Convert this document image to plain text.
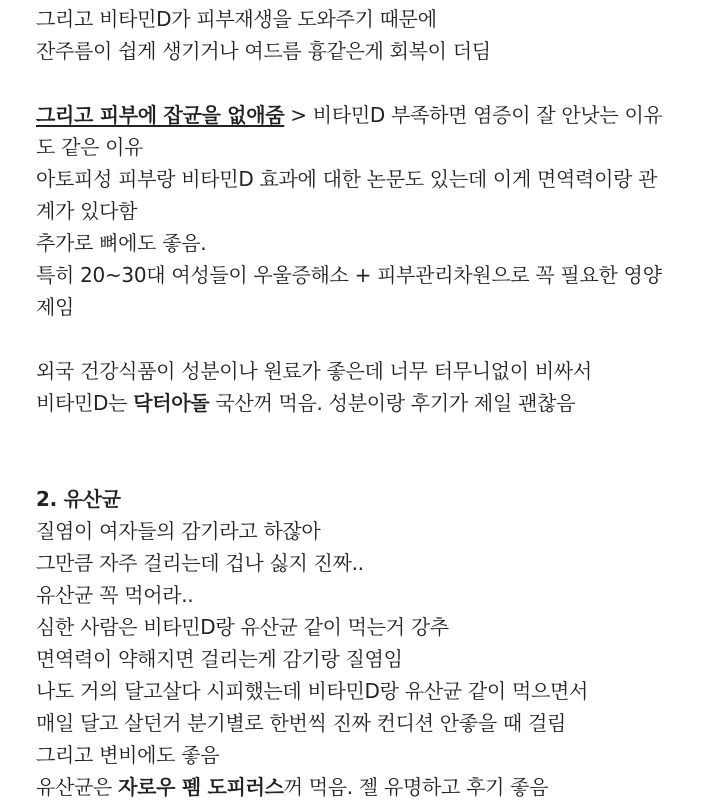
그리고 비타민D가 피부재생을 도와주기 때문에
잔주름이 쉽게 생기거나 여드름 흉같은게 회복이 더딤
그리고 피부에 잡균을 없애줌 > 비타민D 부족하면 염증이 잘 안낫는 이유
도 같은 이유
아토피성 피부랑 비타민D 효과에 대한 논문도 있는데 이게 면역력이랑 관
계가 있다함
추가로 뼈에도 좋음.
특히 20~30대 여성들이 우울증해소 + 피부관리차원으로 꼭 필요한 영양
제임
외국 건강식품이 성분이나 원료가 좋은데 너무 터무니없이 비싸서
비타민D는 닥터아돌 국산꺼 먹음. 성분이랑 후기가 제일 괜찮음
2. 유산균
질염이 여자들의 감기라고 하잖아
그만큼 자주 걸리는데 겁나 싫지 진짜..
유산균 꼭 먹어라..
심한 사람은 비타민D랑 유산균 같이 먹는거 강추
면역력이 약해지면 걸리는게 감기랑 질염임
나도 거의 달고살다 시피했는데 비타민D랑 유산균 같이 먹으면서
매일 달고 살던거 분기별로 한번씩 진짜 컨디션 안좋을 때 걸림
그리고 변비에도 좋음
유산균은 자로우 펨 도피러스꺼 먹음. 젤 유명하고 후기 좋음
